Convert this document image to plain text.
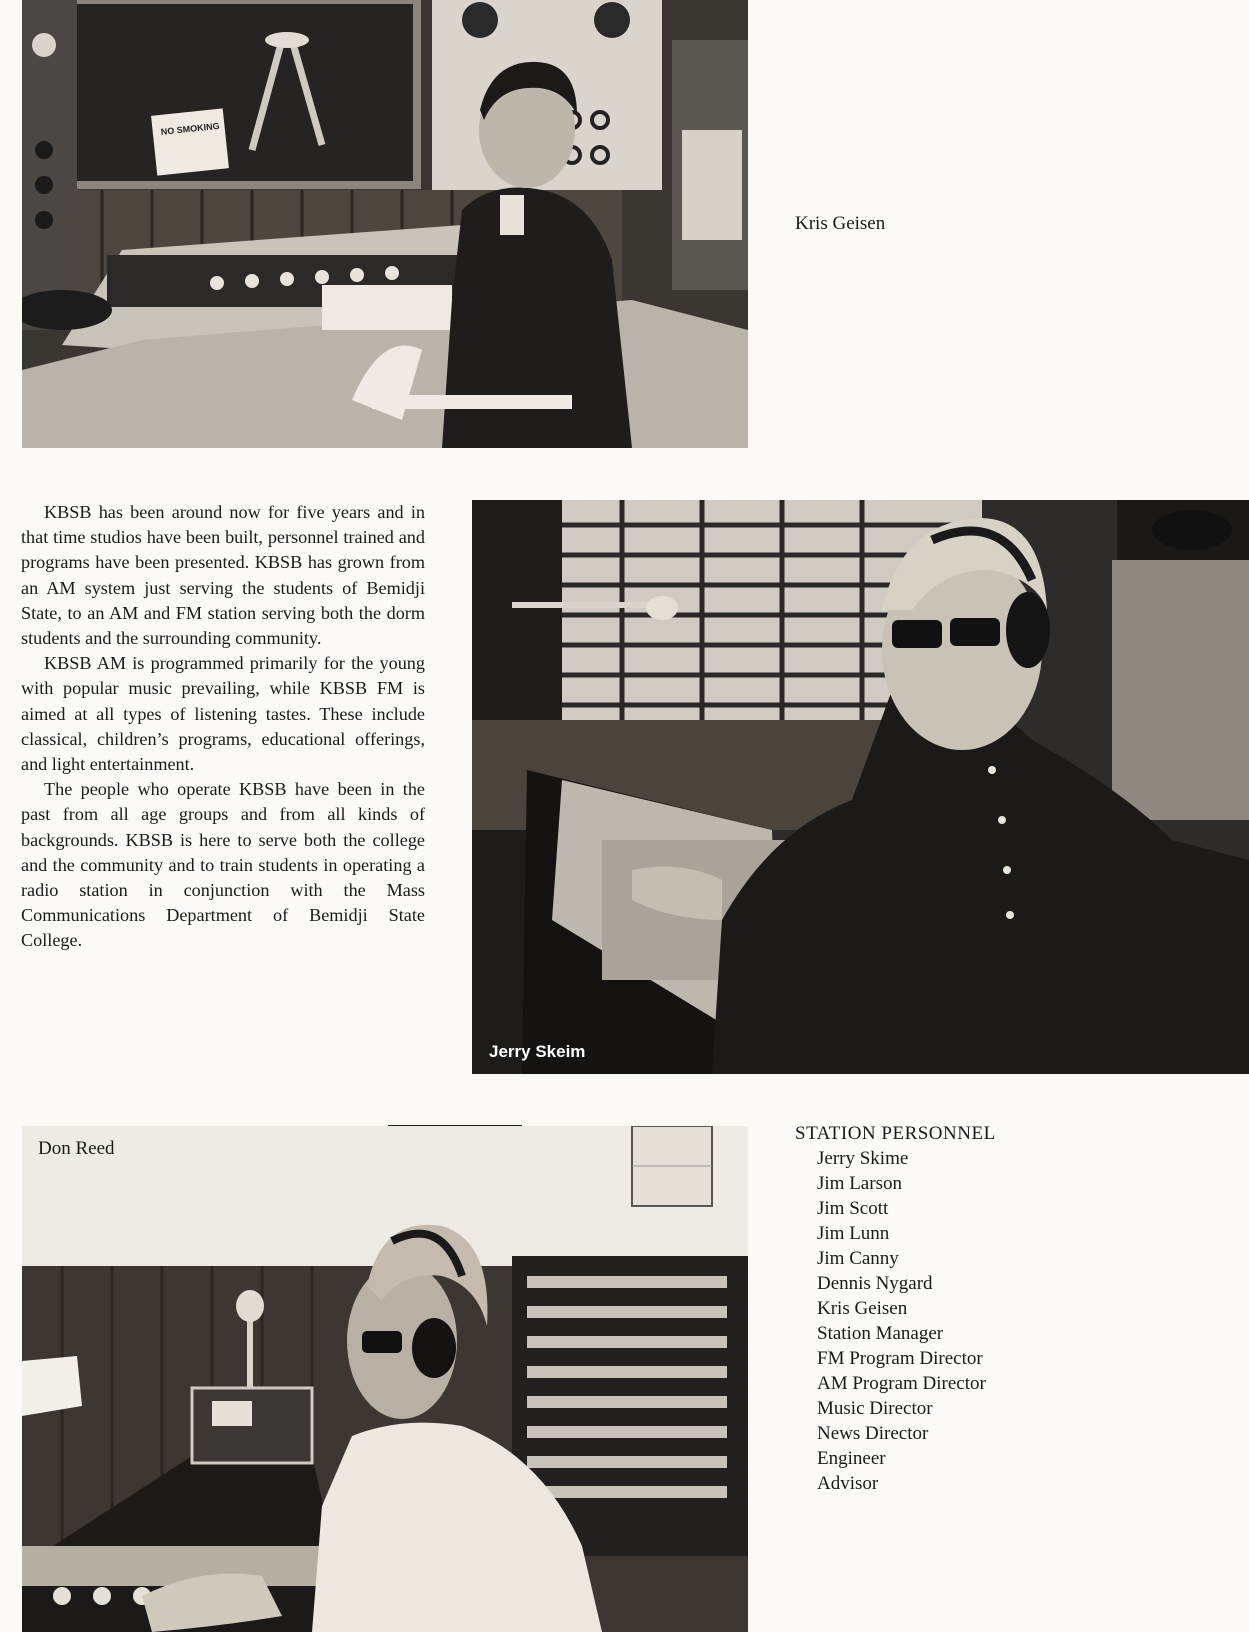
NO SMOKING
Kris Geisen

KBSB has been around now for five years and in that time studios have been built, personnel trained and programs have been presented. KBSB has grown from an AM system just serving the students of Bemidji State, to an AM and FM station serving both the dorm students and the surrounding community.

KBSB AM is programmed primarily for the young with popular music prevailing, while KBSB FM is aimed at all types of listening tastes. These include classical, children’s programs, educational offerings, and light entertainment.

The people who operate KBSB have been in the past from all age groups and from all kinds of backgrounds. KBSB is here to serve both the college and the community and to train students in operating a radio station in conjunction with the Mass Communications Department of Bemidji State College.

Jerry Skeim
Don Reed
STATION PERSONNEL
Jerry Skime
Jim Larson
Jim Scott
Jim Lunn
Jim Canny
Dennis Nygard
Kris Geisen
Station Manager
FM Program Director
AM Program Director
Music Director
News Director
Engineer
Advisor
